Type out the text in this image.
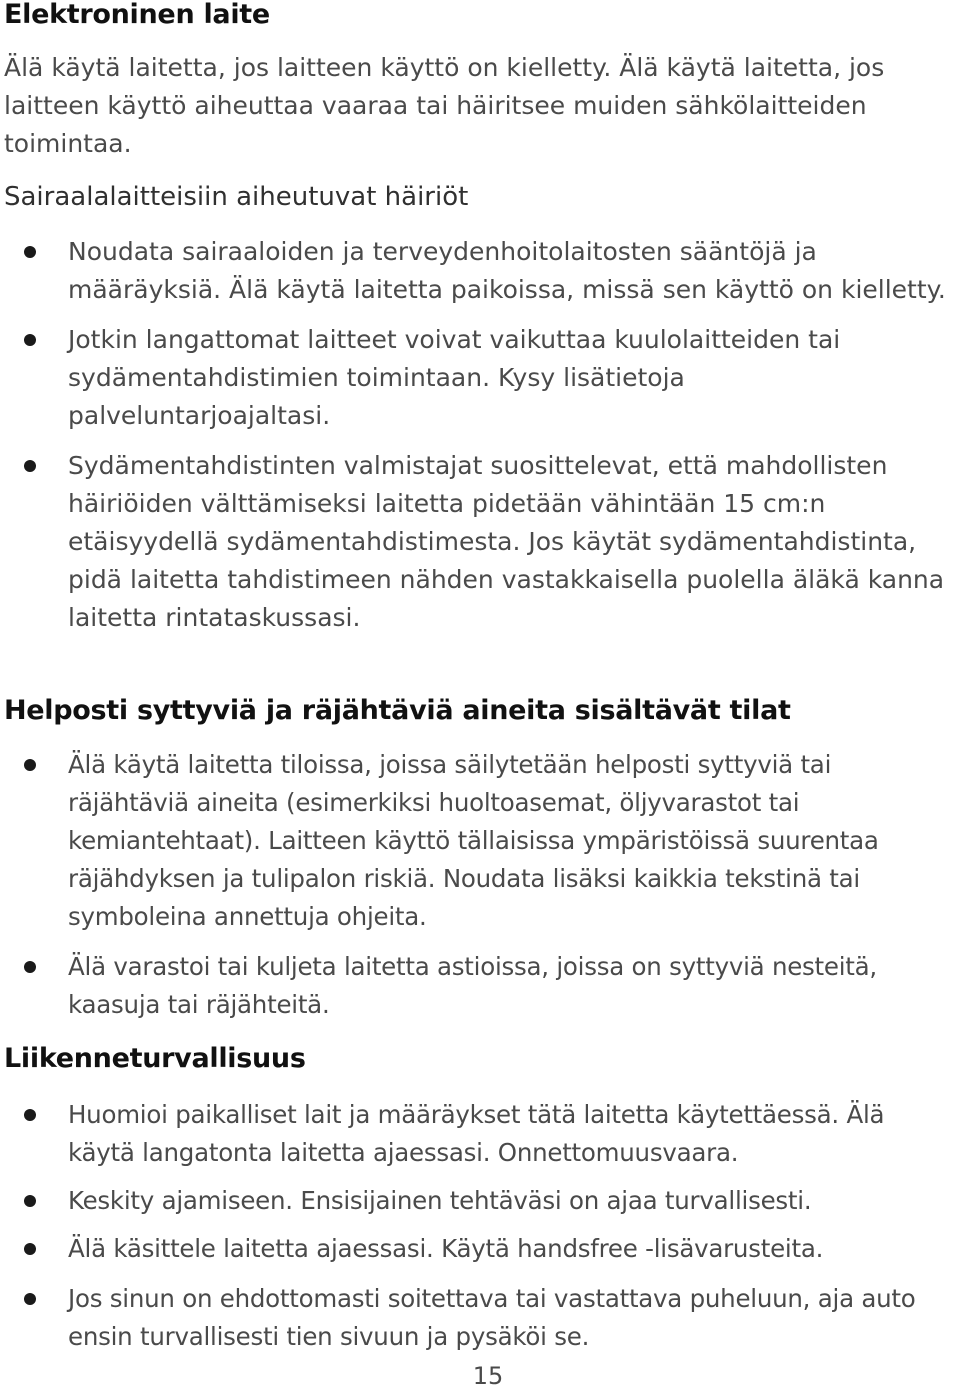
Elektroninen laite

Älä käytä laitetta, jos laitteen käyttö on kielletty. Älä käytä laitetta, jos laitteen käyttö aiheuttaa vaaraa tai häiritsee muiden sähkölaitteiden toimintaa.

Sairaalalaitteisiin aiheutuvat häiriöt
Noudata sairaaloiden ja terveydenhoitolaitosten sääntöjä ja määräyksiä. Älä käytä laitetta paikoissa, missä sen käyttö on kielletty.
Jotkin langattomat laitteet voivat vaikuttaa kuulolaitteiden tai sydämentahdistimien toimintaan. Kysy lisätietoja palveluntarjoajaltasi.
Sydämentahdistinten valmistajat suosittelevat, että mahdollisten häiriöiden välttämiseksi laitetta pidetään vähintään 15 cm:n etäisyydellä sydämentahdistimesta. Jos käytät sydämentahdistinta, pidä laitetta tahdistimeen nähden vastakkaisella puolella äläkä kanna laitetta rintataskussasi.
Helposti syttyviä ja räjähtäviä aineita sisältävät tilat
Älä käytä laitetta tiloissa, joissa säilytetään helposti syttyviä tai räjähtäviä aineita (esimerkiksi huoltoasemat, öljyvarastot tai kemiantehtaat). Laitteen käyttö tällaisissa ympäristöissä suurentaa räjähdyksen ja tulipalon riskiä. Noudata lisäksi kaikkia tekstinä tai symboleina annettuja ohjeita.
Älä varastoi tai kuljeta laitetta astioissa, joissa on syttyviä nesteitä, kaasuja tai räjähteitä.
Liikenneturvallisuus
Huomioi paikalliset lait ja määräykset tätä laitetta käytettäessä. Älä käytä langatonta laitetta ajaessasi. Onnettomuusvaara.
Keskity ajamiseen. Ensisijainen tehtäväsi on ajaa turvallisesti.
Älä käsittele laitetta ajaessasi. Käytä handsfree -lisävarusteita.
Jos sinun on ehdottomasti soitettava tai vastattava puheluun, aja auto ensin turvallisesti tien sivuun ja pysäköi se.
15
